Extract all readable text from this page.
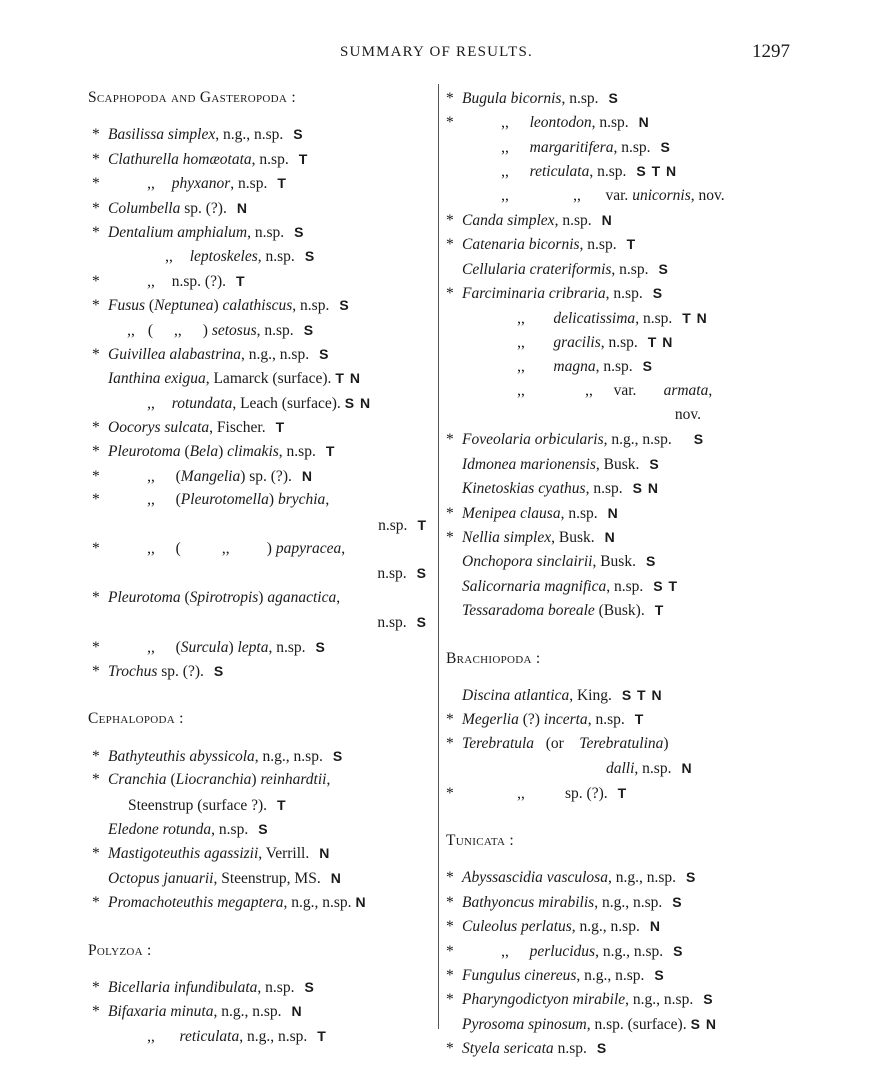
SUMMARY OF RESULTS.	1297
Scaphopoda and Gasteropoda :
* Basilissa simplex, n.g., n.sp. S
* Clathurella homæotata, n.sp. T
*	,, phyxanor, n.sp. T
* Columbella sp. (?). N
* Dentalium amphialum, n.sp. S
,, leptoskeles, n.sp. S
*	,, n.sp. (?). T
* Fusus (Neptunea) calathiscus, n.sp. S
,, ( ,, ) setosus, n.sp. S
* Guivillea alabastrina, n.g., n.sp. S
Ianthina exigua, Lamarck (surface). T N
,, rotundata, Leach (surface). S N
* Oocorys sulcata, Fischer. T
* Pleurotoma (Bela) climakis, n.sp. T
*	,, (Mangelia) sp. (?). N
*	,, (Pleurotomella) brychia,
n.sp. T
*	,, (	,, ) papyracea,
n.sp. S
* Pleurotoma (Spirotropis) aganactica,
n.sp. S
*	,, (Surcula) lepta, n.sp. S
* Trochus sp. (?). S
Cephalopoda :
* Bathyteuthis abyssicola, n.g., n.sp. S
* Cranchia (Liocranchia) reinhardtii,
Steenstrup (surface ?). T
Eledone rotunda, n.sp. S
* Mastigoteuthis agassizii, Verrill. N
Octopus januarii, Steenstrup, MS. N
* Promachoteuthis megaptera, n.g., n.sp. N
Polyzoa :
* Bicellaria infundibulata, n.sp. S
* Bifaxaria minuta, n.g., n.sp. N
,, reticulata, n.g., n.sp. T
* Bugula bicornis, n.sp. S
*	,, leontodon, n.sp. N
,, margaritifera, n.sp. S
,, reticulata, n.sp. S T N
,,	,, var. unicornis, nov.
* Canda simplex, n.sp. N
* Catenaria bicornis, n.sp. T
Cellularia crateriformis, n.sp. S
* Farciminaria cribraria, n.sp. S
,, delicatissima, n.sp. T N
,, gracilis, n.sp. T N
,, magna, n.sp. S
,,	,, var. armata,
nov.
* Foveolaria orbicularis, n.g., n.sp. S
Idmonea marionensis, Busk. S
Kinetoskias cyathus, n.sp. S N
* Menipea clausa, n.sp. N
* Nellia simplex, Busk. N
Onchopora sinclairii, Busk. S
Salicornaria magnifica, n.sp. S T
Tessaradoma boreale (Busk). T
Brachiopoda :
Discina atlantica, King. S T N
* Megerlia (?) incerta, n.sp. T
* Terebratula   (or    Terebratulina)
dalli, n.sp. N
*	,,	sp. (?). T
Tunicata :
* Abyssascidia vasculosa, n.g., n.sp. S
* Bathyoncus mirabilis, n.g., n.sp. S
* Culeolus perlatus, n.g., n.sp. N
*	,, perlucidus, n.g., n.sp. S
* Fungulus cinereus, n.g., n.sp. S
* Pharyngodictyon mirabile, n.g., n.sp. S
Pyrosoma spinosum, n.sp. (surface). S N
* Styela sericata n.sp. S
